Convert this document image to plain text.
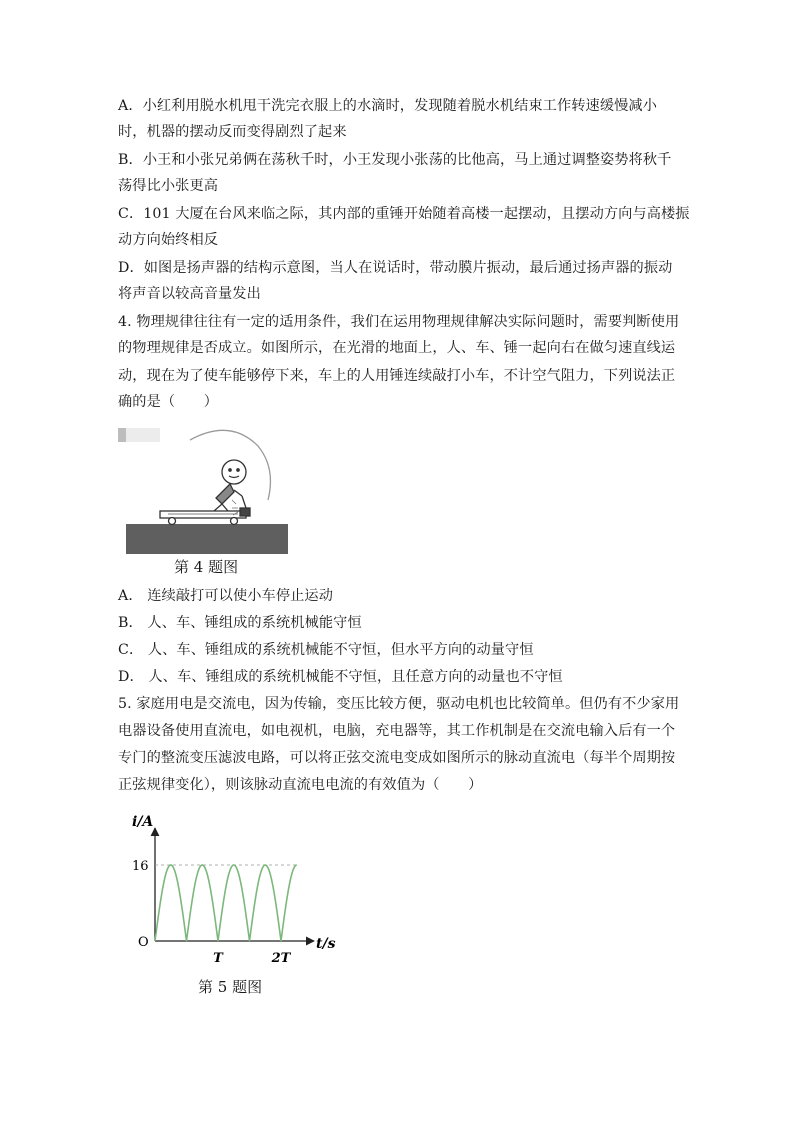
A．小红利用脱水机甩干洗完衣服上的水滴时，发现随着脱水机结束工作转速缓慢减小
时，机器的摆动反而变得剧烈了起来
B．小王和小张兄弟俩在荡秋千时，小王发现小张荡的比他高，马上通过调整姿势将秋千
荡得比小张更高
C．101 大厦在台风来临之际，其内部的重锤开始随着高楼一起摆动，且摆动方向与高楼振
动方向始终相反
D．如图是扬声器的结构示意图，当人在说话时，带动膜片振动，最后通过扬声器的振动
将声音以较高音量发出
4. 物理规律往往有一定的适用条件，我们在运用物理规律解决实际问题时，需要判断使用
的物理规律是否成立。如图所示，在光滑的地面上，人、车、锤一起向右在做匀速直线运
动，现在为了使车能够停下来，车上的人用锤连续敲打小车，不计空气阻力，下列说法正
确的是（　　）
第 4 题图
A． 连续敲打可以使小车停止运动
B． 人、车、锤组成的系统机械能守恒
C． 人、车、锤组成的系统机械能不守恒，但水平方向的动量守恒
D． 人、车、锤组成的系统机械能不守恒，且任意方向的动量也不守恒
5. 家庭用电是交流电，因为传输，变压比较方便，驱动电机也比较简单。但仍有不少家用
电器设备使用直流电，如电视机，电脑，充电器等，其工作机制是在交流电输入后有一个
专门的整流变压滤波电路，可以将正弦交流电变成如图所示的脉动直流电（每半个周期按
正弦规律变化），则该脉动直流电电流的有效值为（　　）
i/A
t/s
O
16
T	2T
第 5 题图
